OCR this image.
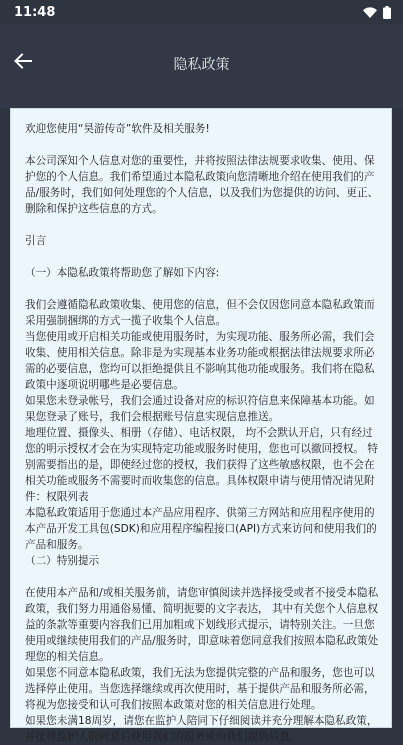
11:48
隐私政策
欢迎您使用“昊游传奇”软件及相关服务!

本公司深知个人信息对您的重要性，并将按照法律法规要求收集、使用、保护您的个人信息。我们希望通过本隐私政策向您清晰地介绍在使用我们的产品/服务时，我们如何处理您的个人信息，以及我们为您提供的访问、更正、删除和保护这些信息的方式。

引言

（一）本隐私政策将帮助您了解如下内容:

我们会遵循隐私政策收集、使用您的信息，但不会仅因您同意本隐私政策而采用强制捆绑的方式一揽子收集个人信息。
当您使用或开启相关功能或使用服务时，为实现功能、服务所必需，我们会收集、使用相关信息。除非是为实现基本业务功能或根据法律法规要求所必需的必要信息，您均可以拒绝提供且不影响其他功能或服务。我们将在隐私政策中逐项说明哪些是必要信息。
如果您未登录帐号，我们会通过设备对应的标识符信息来保障基本功能。如果您登录了账号，我们会根据账号信息实现信息推送。
地理位置、摄像头、相册（存储）、电话权限， 均不会默认开启，只有经过您的明示授权才会在为实现特定功能或服务时使用，您也可以撤回授权。 特别需要指出的是，即使经过您的授权，我们获得了这些敏感权限，也不会在相关功能或服务不需要时而收集您的信息。具体权限申请与使用情况请见附件：权限列表
本隐私政策适用于您通过本产品应用程序、供第三方网站和应用程序使用的本产品开发工具包(SDK)和应用程序编程接口(API)方式来访问和使用我们的产品和服务。
（二）特别提示

在使用本产品和/或相关服务前，请您审慎阅读并选择接受或者不接受本隐私政策，我们努力用通俗易懂、简明扼要的文字表达， 其中有关您个人信息权益的条款等重要内容我们已用加粗或下划线形式提示，请特别关注。一旦您使用或继续使用我们的产品/服务时，即意味着您同意我们按照本隐私政策处理您的相关信息。
如果您不同意本隐私政策，我们无法为您提供完整的产品和服务，您也可以选择停止使用。当您选择继续或再次使用时，基于提供产品和服务所必需，将视为您接受和认可我们按照本政策对您的相关信息进行处理。
如果您未满18周岁，请您在监护人陪同下仔细阅读并充分理解本隐私政策，并征得监护人的同意后使用我们的服务或向我们提供信息。
